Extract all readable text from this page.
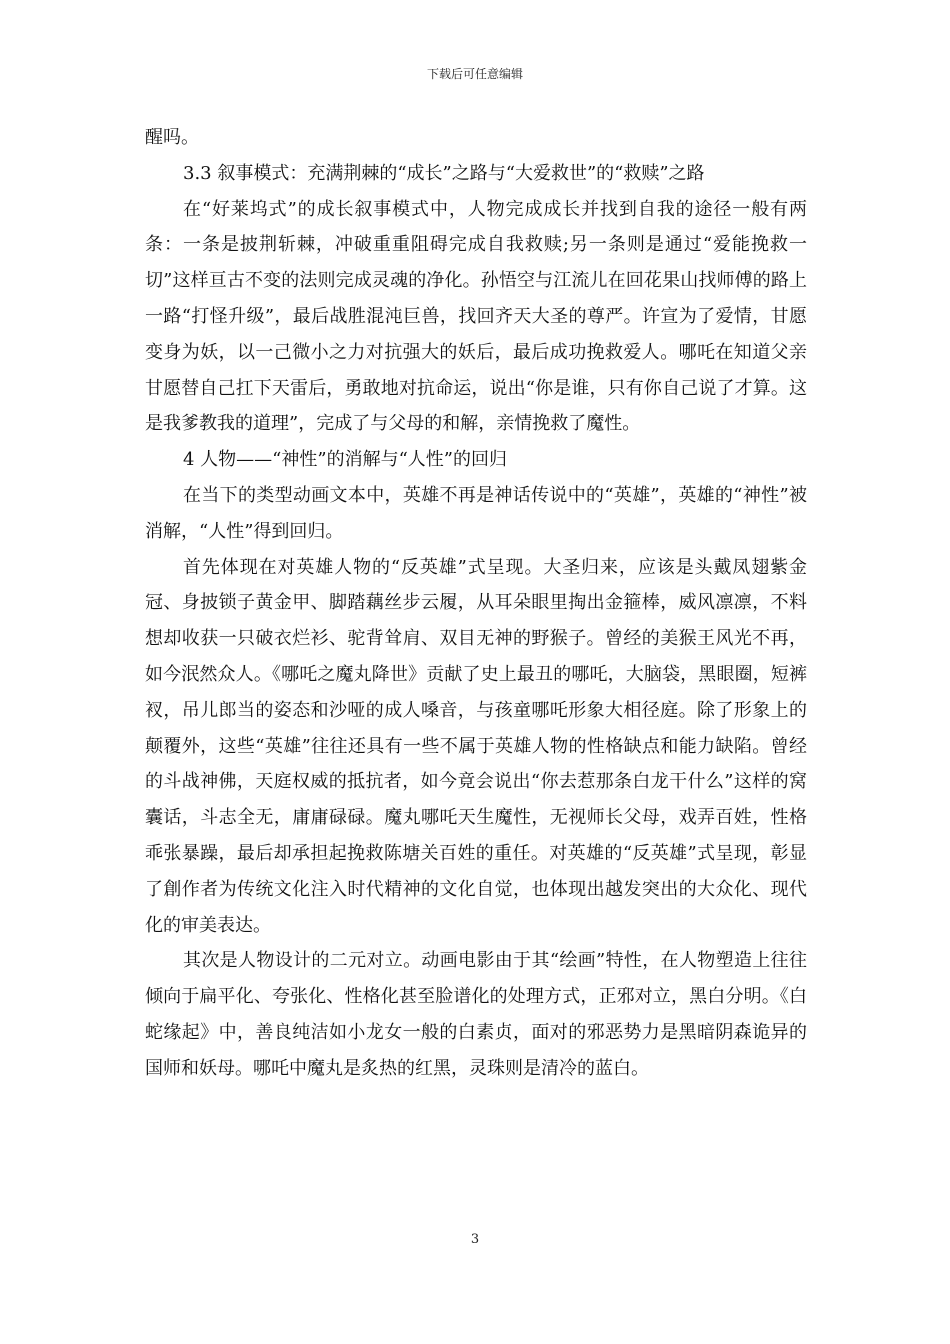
下载后可任意编辑

醒吗。

3.3 叙事模式：充满荆棘的“成长”之路与“大爱救世”的“救赎”之路

在“好莱坞式”的成长叙事模式中，人物完成成长并找到自我的途径一般有两条：一条是披荆斩棘，冲破重重阻碍完成自我救赎;另一条则是通过“爱能挽救一切”这样亘古不变的法则完成灵魂的净化。孙悟空与江流儿在回花果山找师傅的路上一路“打怪升级”，最后战胜混沌巨兽，找回齐天大圣的尊严。许宣为了爱情，甘愿变身为妖，以一己微小之力对抗强大的妖后，最后成功挽救爱人。哪吒在知道父亲甘愿替自己扛下天雷后，勇敢地对抗命运，说出“你是谁，只有你自己说了才算。这是我爹教我的道理”，完成了与父母的和解，亲情挽救了魔性。

4 人物——“神性”的消解与“人性”的回归

在当下的类型动画文本中，英雄不再是神话传说中的“英雄”，英雄的“神性”被消解，“人性”得到回归。

首先体现在对英雄人物的“反英雄”式呈现。大圣归来，应该是头戴凤翅紫金冠、身披锁子黄金甲、脚踏藕丝步云履，从耳朵眼里掏出金箍棒，威风凛凛，不料想却收获一只破衣烂衫、驼背耸肩、双目无神的野猴子。曾经的美猴王风光不再，如今泯然众人。《哪吒之魔丸降世》贡献了史上最丑的哪吒，大脑袋，黑眼圈，短裤衩，吊儿郎当的姿态和沙哑的成人嗓音，与孩童哪吒形象大相径庭。除了形象上的颠覆外，这些“英雄”往往还具有一些不属于英雄人物的性格缺点和能力缺陷。曾经的斗战神佛，天庭权威的抵抗者，如今竟会说出“你去惹那条白龙干什么”这样的窝囊话，斗志全无，庸庸碌碌。魔丸哪吒天生魔性，无视师长父母，戏弄百姓，性格乖张暴躁，最后却承担起挽救陈塘关百姓的重任。对英雄的“反英雄”式呈现，彰显了創作者为传统文化注入时代精神的文化自觉，也体现出越发突出的大众化、现代化的审美表达。

其次是人物设计的二元对立。动画电影由于其“绘画”特性，在人物塑造上往往倾向于扁平化、夸张化、性格化甚至脸谱化的处理方式，正邪对立，黑白分明。《白蛇缘起》中，善良纯洁如小龙女一般的白素贞，面对的邪恶势力是黑暗阴森诡异的国师和妖母。哪吒中魔丸是炙热的红黑，灵珠则是清冷的蓝白。

3
